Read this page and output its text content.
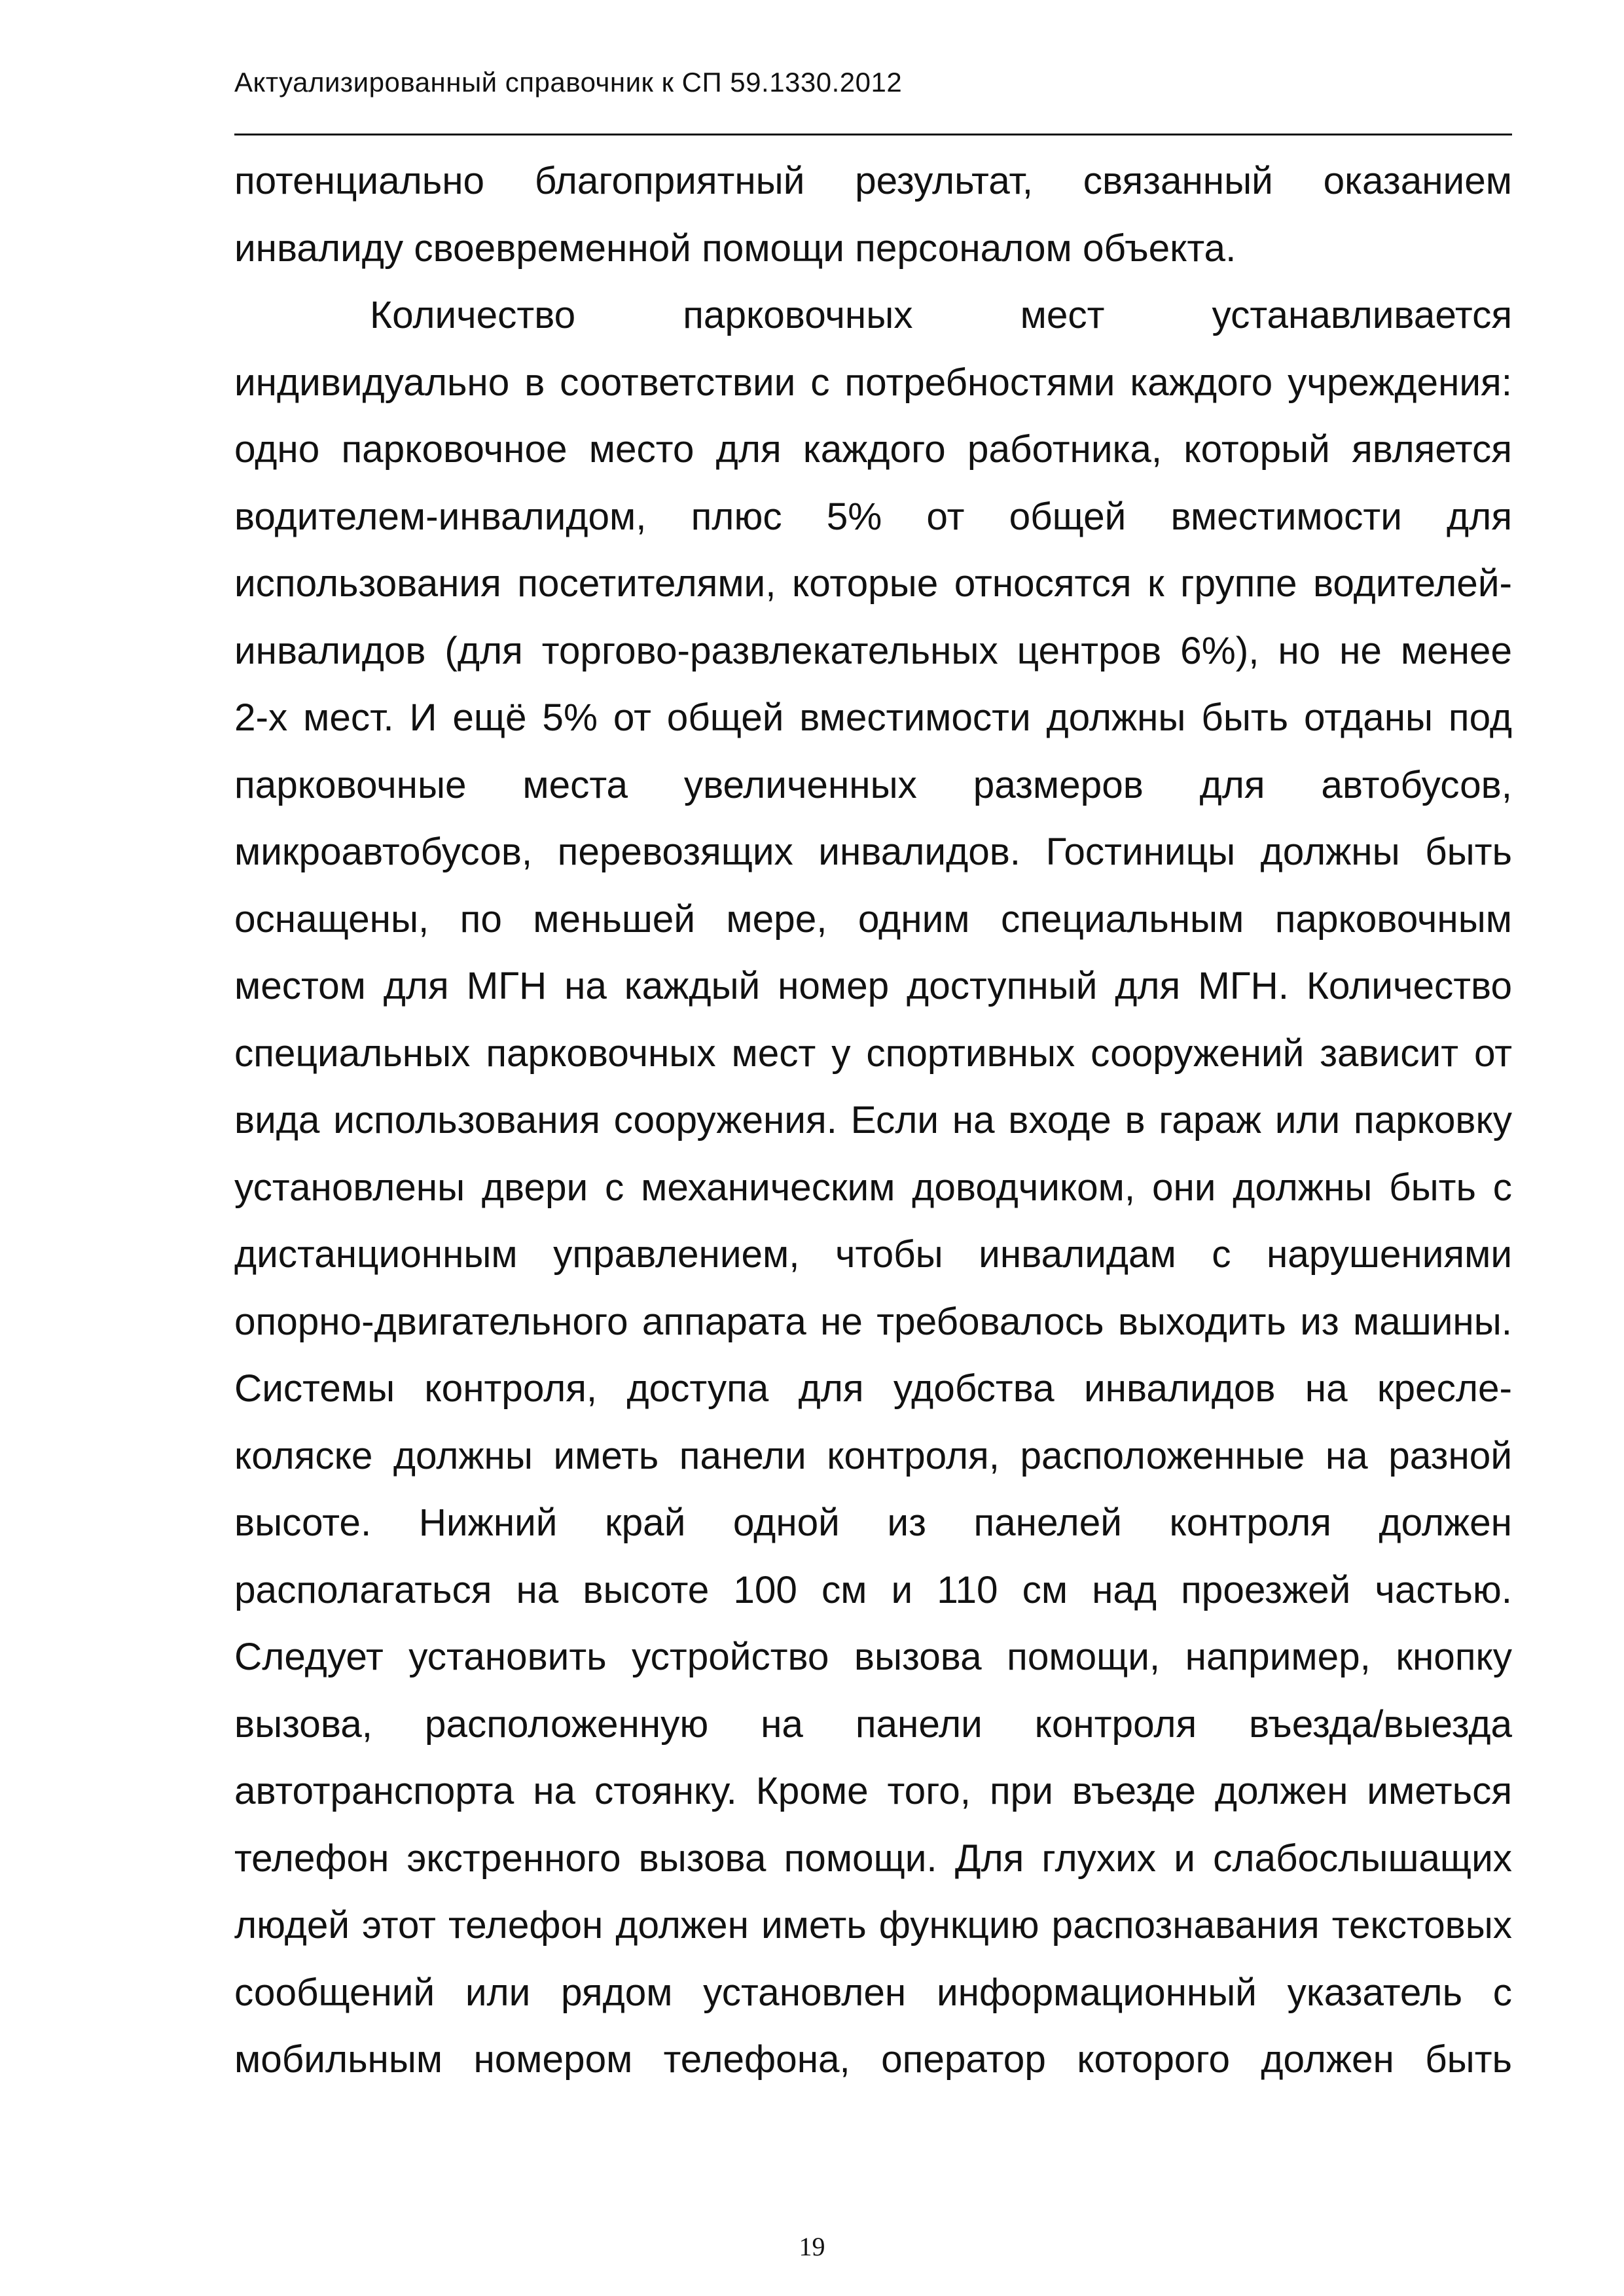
Актуализированный справочник к СП 59.1330.2012
потенциально благоприятный результат, связанный оказанием
инвалиду своевременной помощи персоналом объекта.
Количество парковочных мест устанавливается
индивидуально в соответствии с потребностями каждого учреждения:
одно парковочное место для каждого работника, который является
водителем-инвалидом, плюс 5% от общей вместимости для
использования посетителями, которые относятся к группе водителей-
инвалидов (для торгово-развлекательных центров 6%), но не менее
2-х мест. И ещё 5% от общей вместимости должны быть отданы под
парковочные места увеличенных размеров для автобусов,
микроавтобусов, перевозящих инвалидов. Гостиницы должны быть
оснащены, по меньшей мере, одним специальным парковочным
местом для МГН на каждый номер доступный для МГН. Количество
специальных парковочных мест у спортивных сооружений зависит от
вида использования сооружения. Если на входе в гараж или парковку
установлены двери с механическим доводчиком, они должны быть с
дистанционным управлением, чтобы инвалидам с нарушениями
опорно-двигательного аппарата не требовалось выходить из машины.
Системы контроля, доступа для удобства инвалидов на кресле-
коляске должны иметь панели контроля, расположенные на разной
высоте. Нижний край одной из панелей контроля должен
располагаться на высоте 100 см и 110 см над проезжей частью.
Следует установить устройство вызова помощи, например, кнопку
вызова, расположенную на панели контроля въезда/выезда
автотранспорта на стоянку. Кроме того, при въезде должен иметься
телефон экстренного вызова помощи. Для глухих и слабослышащих
людей этот телефон должен иметь функцию распознавания текстовых
сообщений или рядом установлен информационный указатель с
мобильным номером телефона, оператор которого должен быть
19
